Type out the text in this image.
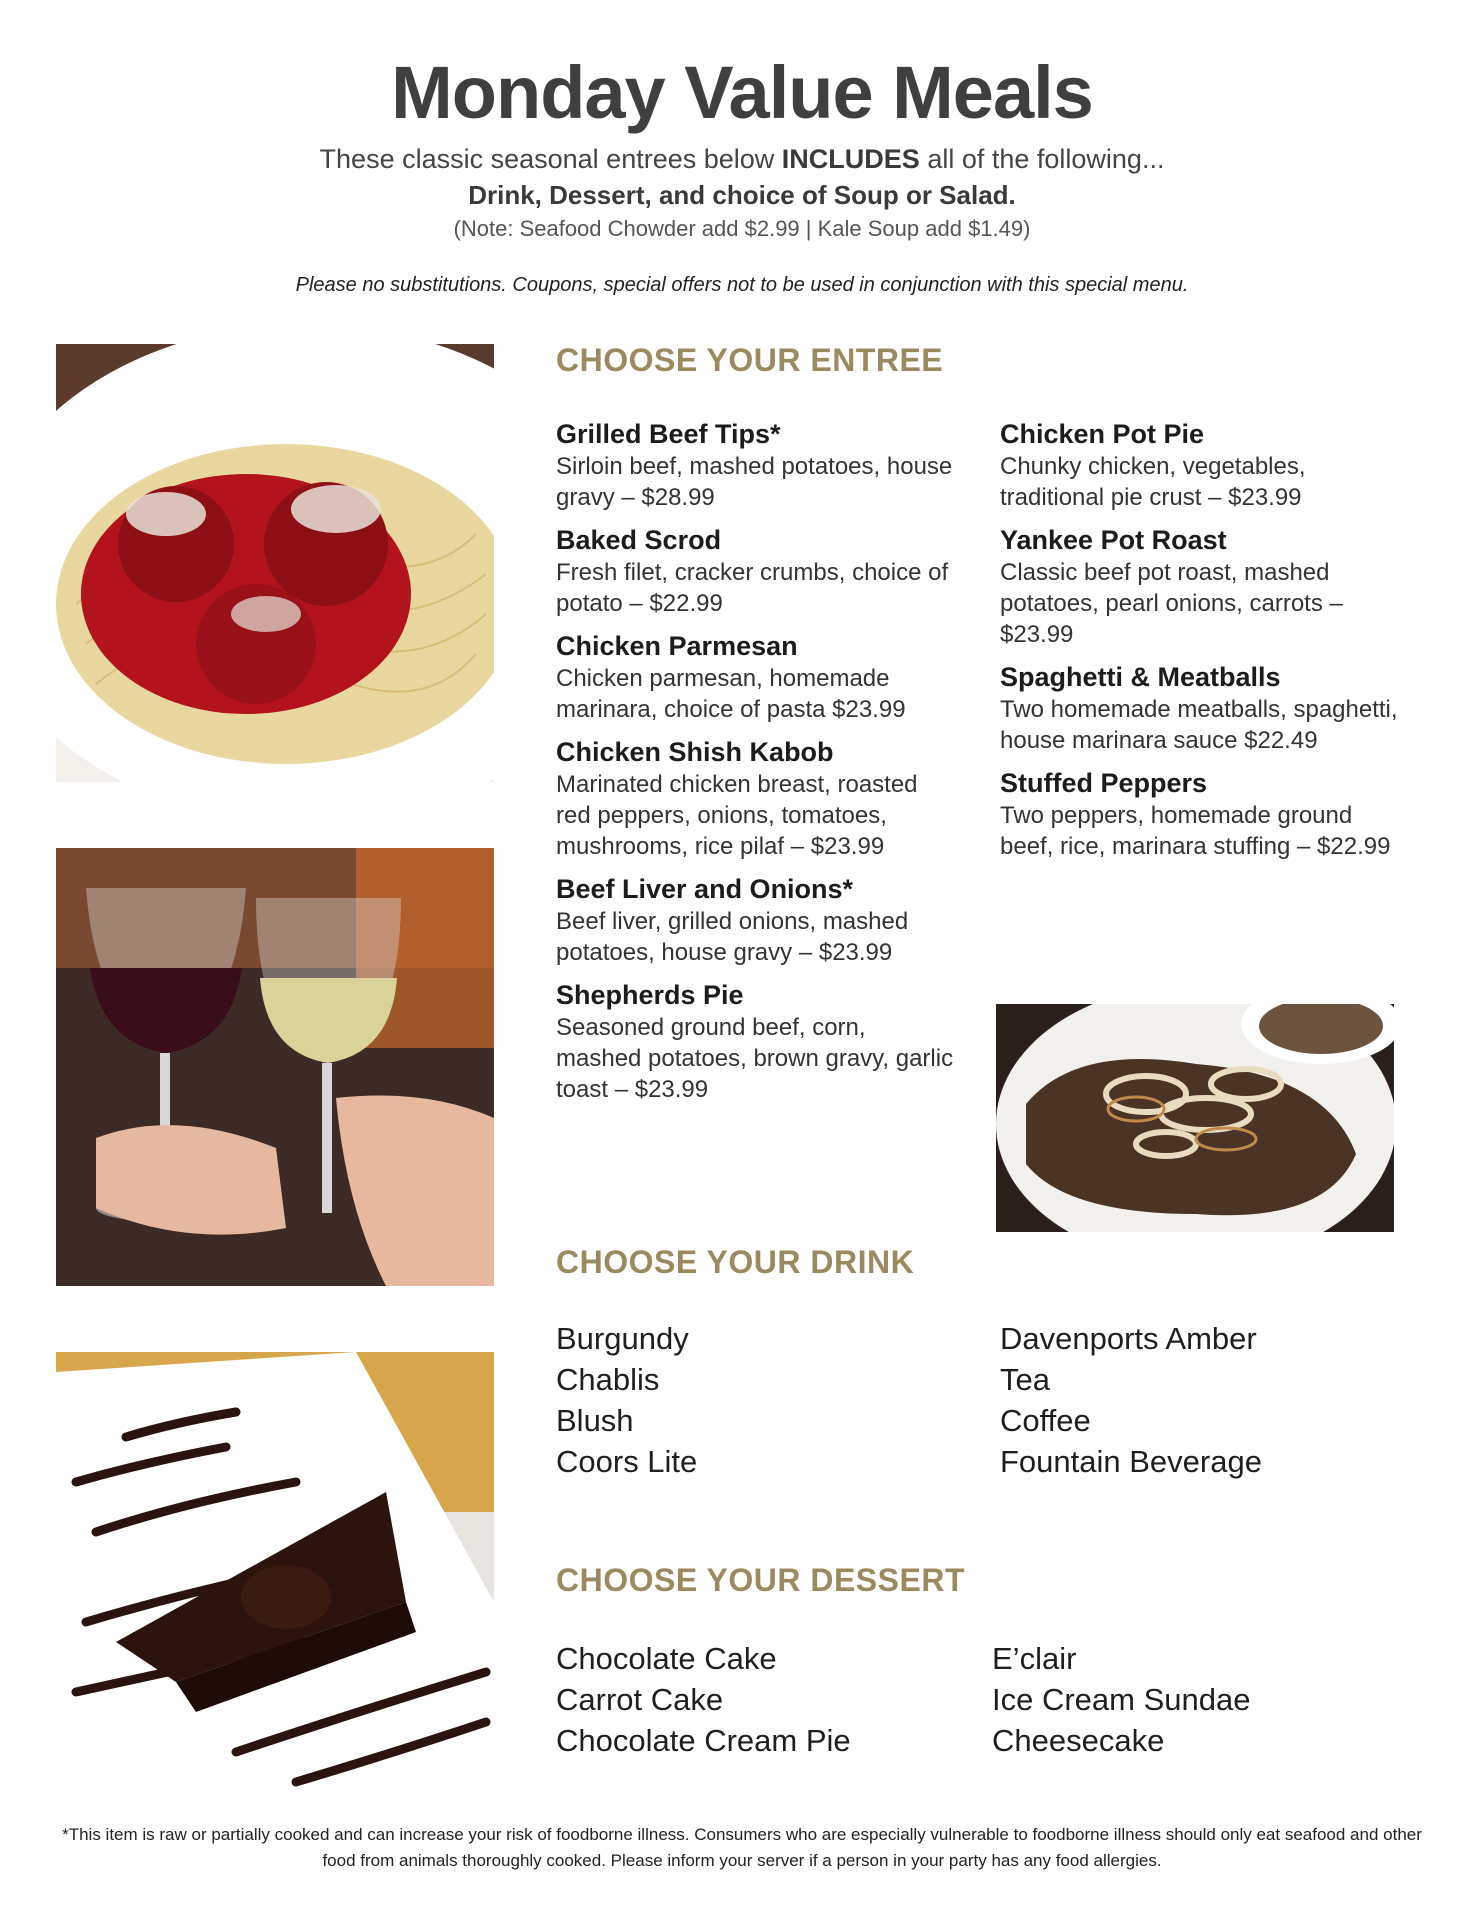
Monday Value Meals
These classic seasonal entrees below INCLUDES all of the following...
Drink, Dessert, and choice of Soup or Salad.
(Note: Seafood Chowder add $2.99 | Kale Soup add $1.49)
Please no substitutions. Coupons, special offers not to be used in conjunction with this special menu.
CHOOSE YOUR ENTREE
Grilled Beef Tips*
Sirloin beef, mashed potatoes, house gravy – $28.99
Baked Scrod
Fresh filet, cracker crumbs, choice of potato – $22.99
Chicken Parmesan
Chicken parmesan, homemade marinara, choice of pasta $23.99
Chicken Shish Kabob
Marinated chicken breast, roasted red peppers, onions, tomatoes, mushrooms, rice pilaf – $23.99
Beef Liver and Onions*
Beef liver, grilled onions, mashed potatoes, house gravy – $23.99
Shepherds Pie
Seasoned ground beef, corn, mashed potatoes, brown gravy, garlic toast – $23.99
Chicken Pot Pie
Chunky chicken, vegetables, traditional pie crust – $23.99
Yankee Pot Roast
Classic beef pot roast, mashed potatoes, pearl onions, carrots – $23.99
Spaghetti & Meatballs
Two homemade meatballs, spaghetti, house marinara sauce $22.49
Stuffed Peppers
Two peppers, homemade ground beef, rice, marinara stuffing – $22.99
CHOOSE YOUR DRINK
Burgundy
Chablis
Blush
Coors Lite
Davenports Amber
Tea
Coffee
Fountain Beverage
CHOOSE YOUR DESSERT
Chocolate Cake
Carrot Cake
Chocolate Cream Pie
E’clair
Ice Cream Sundae
Cheesecake
*This item is raw or partially cooked and can increase your risk of foodborne illness. Consumers who are especially vulnerable to foodborne illness should only eat seafood and other food from animals thoroughly cooked. Please inform your server if a person in your party has any food allergies.
